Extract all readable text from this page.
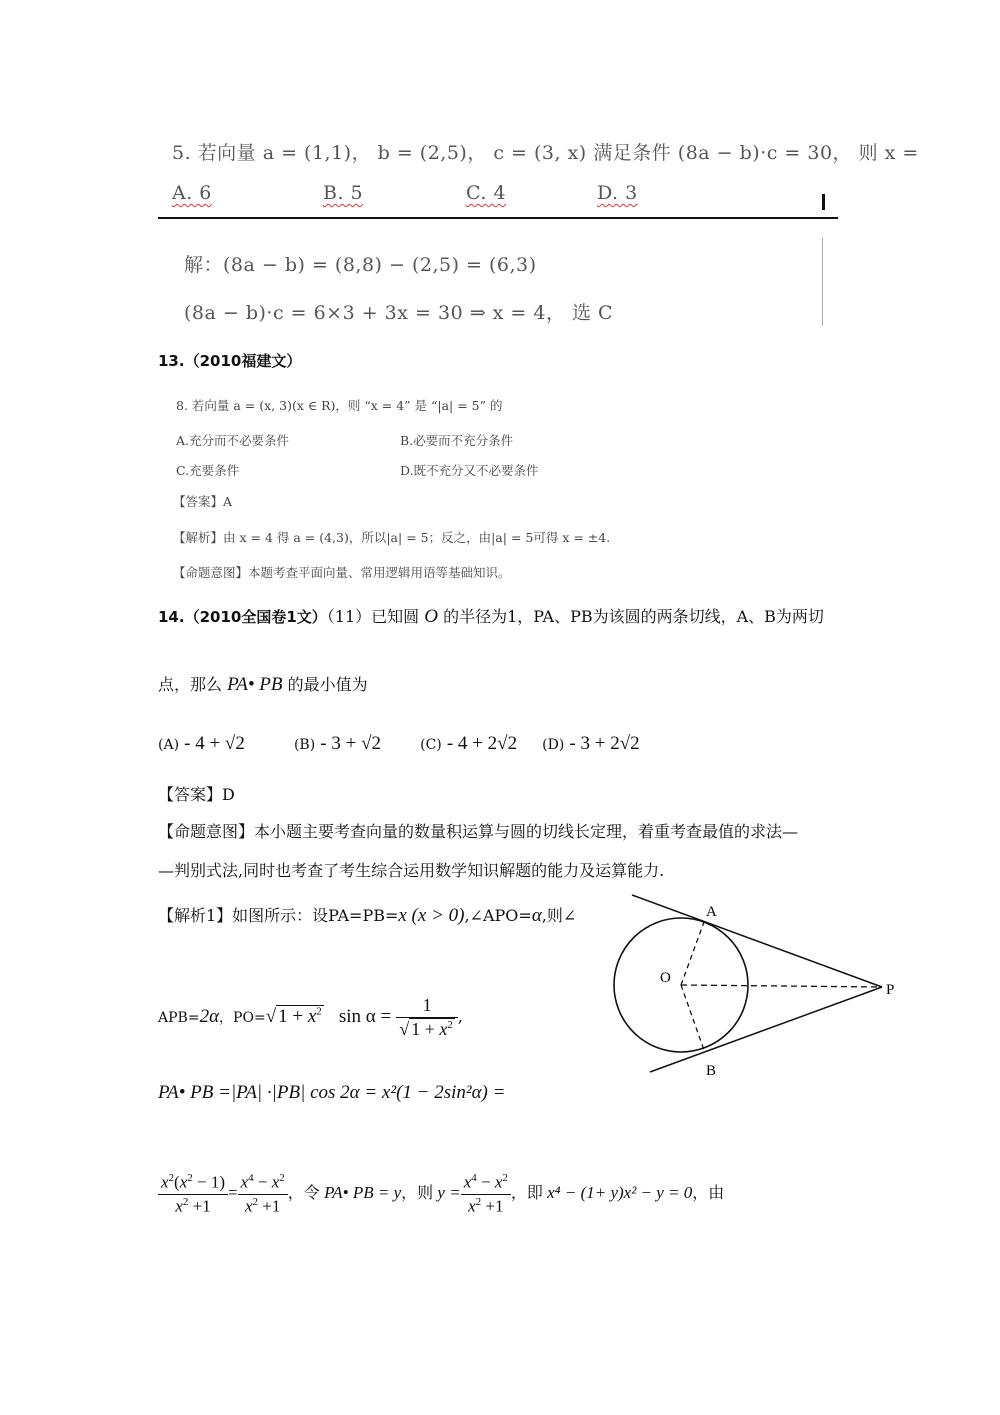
5. 若向量 a = (1,1)， b = (2,5)， c = (3, x) 满足条件 (8a − b)·c = 30， 则 x =
A. 6	B. 5	C. 4	D. 3
解：(8a − b) = (8,8) − (2,5) = (6,3)
(8a − b)·c = 6×3 + 3x = 30 ⇒ x = 4， 选 C
13.（2010福建文）
8. 若向量 a = (x, 3)(x ∈ R)，则 “x = 4” 是 “|a| = 5” 的
A.充分而不必要条件	B.必要而不充分条件
C.充要条件	D.既不充分又不必要条件
【答案】A
【解析】由 x = 4 得 a = (4,3)，所以|a| = 5；反之，由|a| = 5可得 x = ±4.
【命题意图】本题考查平面向量、常用逻辑用语等基础知识。
14.（2010全国卷1文）（11）已知圆 O 的半径为1，PA、PB为该圆的两条切线，A、B为两切
点，那么 PA• PB 的最小值为
(A) - 4 + √2	(B) - 3 + √2	(C) - 4 + 2√2 (D) - 3 + 2√2
【答案】D
【命题意图】本小题主要考查向量的数量积运算与圆的切线长定理，着重考查最值的求法—
—判别式法,同时也考查了考生综合运用数学知识解题的能力及运算能力.
【解析1】如图所示：设PA=PB=x (x > 0),∠APO=α,则∠
APB=2α，PO=√ $1 + x^2$ $\sin \alpha = \frac{1}{√ 1 + x^2}$ ,
PA• PB =|PA| ·|PB| cos 2α = x²(1 − 2sin²α) =
$\frac{x^2(x^2 - 1)}{x^2 +1} = \frac{x^4 - x^2}{x^2 +1}$ ，令 PA• PB = y，则 $y = \frac{x^4 - x^2}{x^2 +1}$ ，即 x⁴ − (1+ y)x² − y = 0，由
A
B
O
P
